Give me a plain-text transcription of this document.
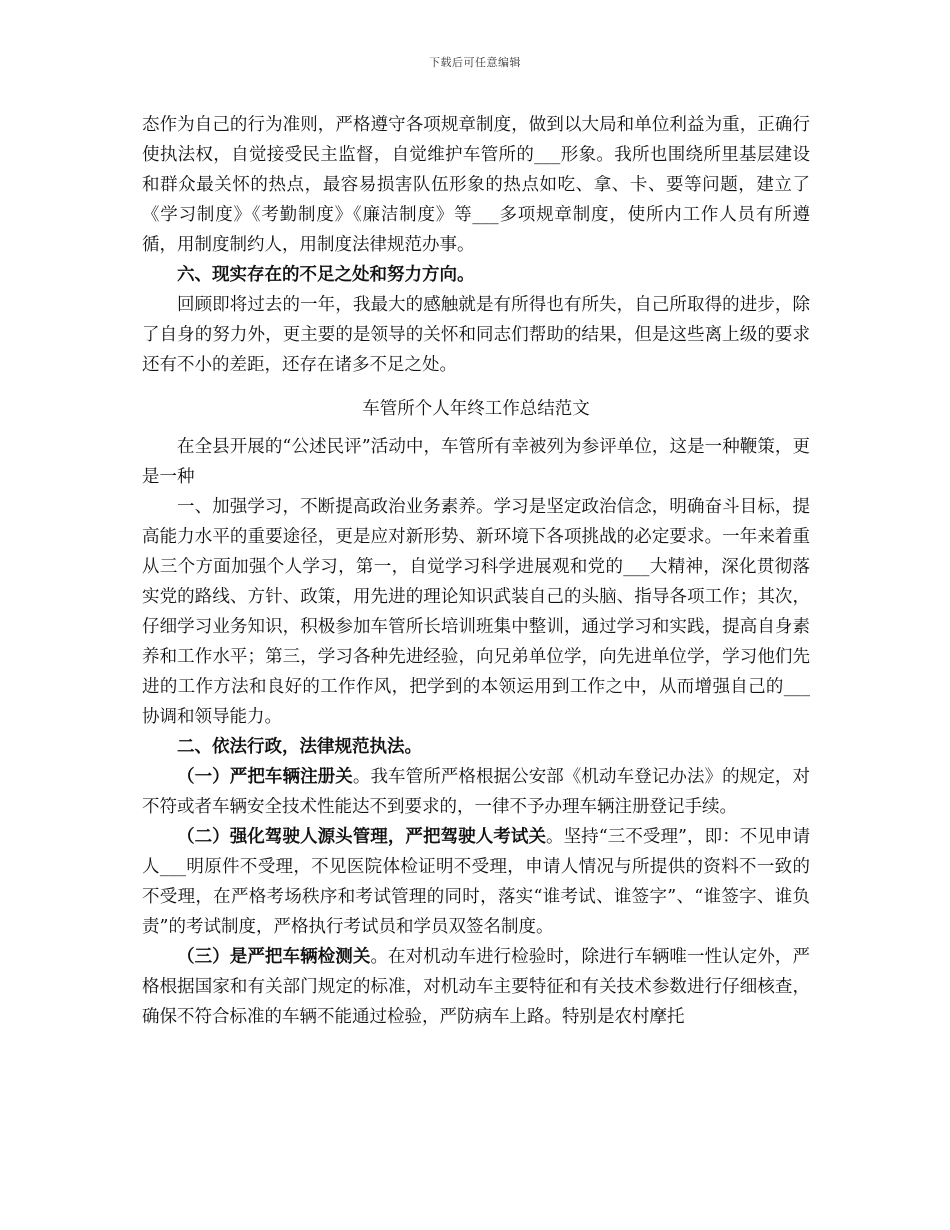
下载后可任意编辑

态作为自己的行为准则，严格遵守各项规章制度，做到以大局和单位利益为重，正确行使执法权，自觉接受民主监督，自觉维护车管所的___形象。我所也围绕所里基层建设和群众最关怀的热点，最容易损害队伍形象的热点如吃、拿、卡、要等问题，建立了《学习制度》《考勤制度》《廉洁制度》等___多项规章制度，使所内工作人员有所遵循，用制度制约人，用制度法律规范办事。

六、现实存在的不足之处和努力方向。

回顾即将过去的一年，我最大的感触就是有所得也有所失，自己所取得的进步，除了自身的努力外，更主要的是领导的关怀和同志们帮助的结果，但是这些离上级的要求还有不小的差距，还存在诸多不足之处。

车管所个人年终工作总结范文

在全县开展的“公述民评”活动中，车管所有幸被列为参评单位，这是一种鞭策，更是一种

一、加强学习，不断提高政治业务素养。学习是坚定政治信念，明确奋斗目标，提高能力水平的重要途径，更是应对新形势、新环境下各项挑战的必定要求。一年来着重从三个方面加强个人学习，第一，自觉学习科学进展观和党的___大精神，深化贯彻落实党的路线、方针、政策，用先进的理论知识武装自己的头脑、指导各项工作；其次，仔细学习业务知识，积极参加车管所长培训班集中整训，通过学习和实践，提高自身素养和工作水平；第三，学习各种先进经验，向兄弟单位学，向先进单位学，学习他们先进的工作方法和良好的工作作风，把学到的本领运用到工作之中，从而增强自己的___协调和领导能力。

二、依法行政，法律规范执法。

（一）严把车辆注册关。我车管所严格根据公安部《机动车登记办法》的规定，对不符或者车辆安全技术性能达不到要求的，一律不予办理车辆注册登记手续。

（二）强化驾驶人源头管理，严把驾驶人考试关。坚持“三不受理”，即：不见申请人___明原件不受理，不见医院体检证明不受理，申请人情况与所提供的资料不一致的不受理，在严格考场秩序和考试管理的同时，落实“谁考试、谁签字”、“谁签字、谁负责”的考试制度，严格执行考试员和学员双签名制度。

（三）是严把车辆检测关。在对机动车进行检验时，除进行车辆唯一性认定外，严格根据国家和有关部门规定的标准，对机动车主要特征和有关技术参数进行仔细核查，确保不符合标准的车辆不能通过检验，严防病车上路。特别是农村摩托
